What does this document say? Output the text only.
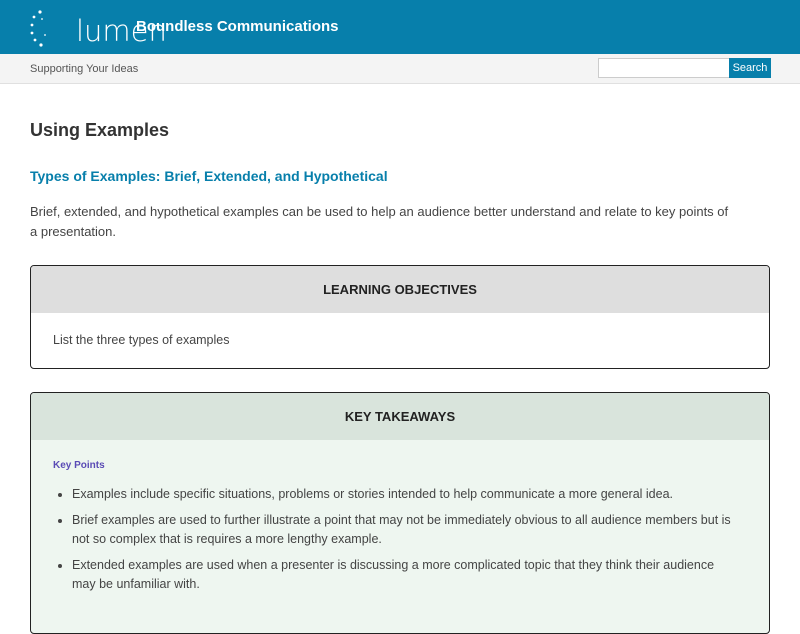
lumen
Boundless Communications
Supporting Your Ideas	Search
Using Examples
Types of Examples: Brief, Extended, and Hypothetical

Brief, extended, and hypothetical examples can be used to help an audience better understand and relate to key points of a presentation.

LEARNING OBJECTIVES
List the three types of examples
KEY TAKEAWAYS
Key Points
• Examples include specific situations, problems or stories intended to help communicate a more general idea.
• Brief examples are used to further illustrate a point that may not be immediately obvious to all audience members but is not so complex that is requires a more lengthy example.
• Extended examples are used when a presenter is discussing a more complicated topic that they think their audience may be unfamiliar with.
